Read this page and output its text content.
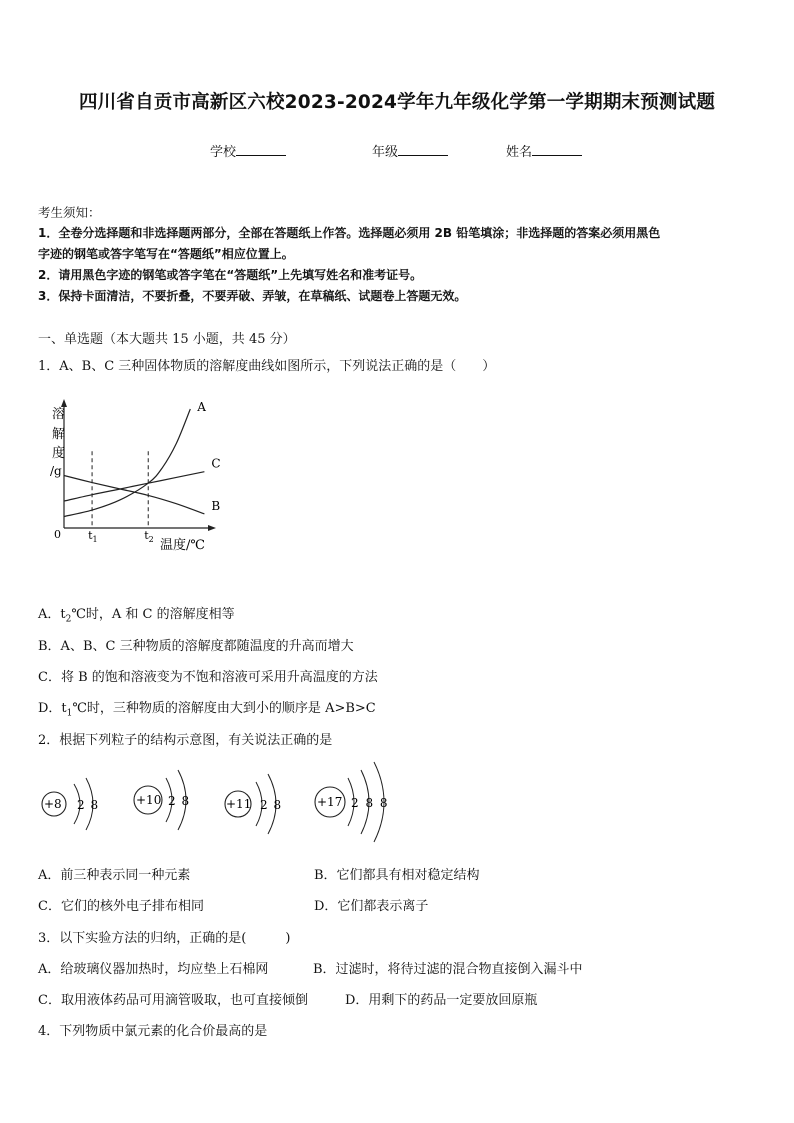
四川省自贡市高新区六校2023-2024学年九年级化学第一学期期末预测试题
学校	年级	姓名
考生须知：
1．全卷分选择题和非选择题两部分，全部在答题纸上作答。选择题必须用 2B 铅笔填涂；非选择题的答案必须用黑色
字迹的钢笔或答字笔写在“答题纸”相应位置上。
2．请用黑色字迹的钢笔或答字笔在“答题纸”上先填写姓名和准考证号。
3．保持卡面清洁，不要折叠，不要弄破、弄皱，在草稿纸、试题卷上答题无效。
一、单选题（本大题共 15 小题，共 45 分）
1．A、B、C 三种固体物质的溶解度曲线如图所示，下列说法正确的是（　　）
溶
解
度
/g
0 $t_1$	$t_2$ 温度/℃
A
C
B
A．$t_2℃$时，A 和 C 的溶解度相等
B．A、B、C 三种物质的溶解度都随温度的升高而增大
C．将 B 的饱和溶液变为不饱和溶液可采用升高温度的方法
D．$t_1℃$时，三种物质的溶解度由大到小的顺序是 A>B>C
2．根据下列粒子的结构示意图，有关说法正确的是
+8 2 8	+10 2 8	+11 2 8	+17 2 8 8
A．前三种表示同一种元素	B．它们都具有相对稳定结构
C．它们的核外电子排布相同	D．它们都表示离子
3．以下实验方法的归纳，正确的是(　　　)
A．给玻璃仪器加热时，均应垫上石棉网	B．过滤时，将待过滤的混合物直接倒入漏斗中
C．取用液体药品可用滴管吸取，也可直接倾倒	D．用剩下的药品一定要放回原瓶
4．下列物质中氯元素的化合价最高的是
